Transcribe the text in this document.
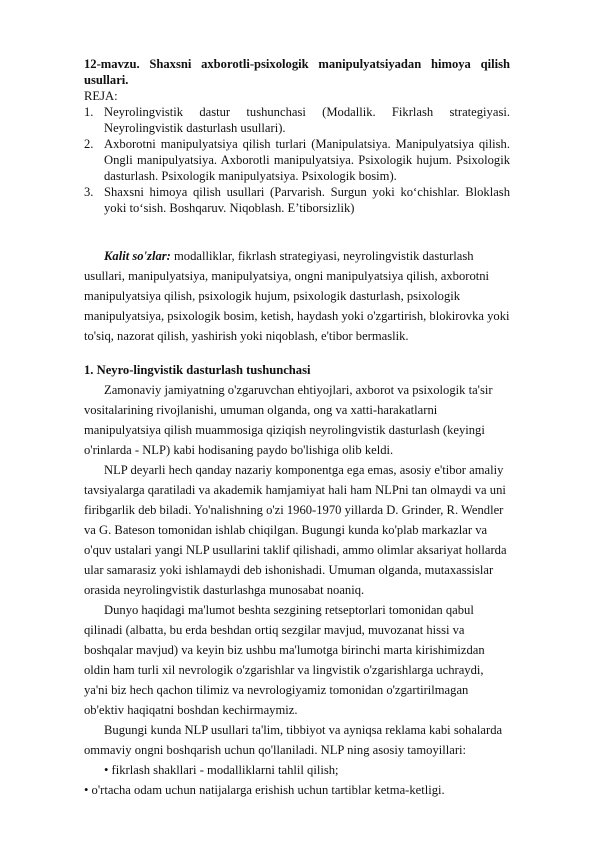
12-mavzu. Shaxsni axborotli-psixologik manipulyatsiyadan himoya qilish usullari.

REJA:

1. Neyrolingvistik dastur tushunchasi (Modallik. Fikrlash strategiyasi. Neyrolingvistik dasturlash usullari).
2. Axborotni manipulyatsiya qilish turlari (Manipulatsiya. Manipulyatsiya qilish. Ongli manipulyatsiya. Axborotli manipulyatsiya. Psixologik hujum. Psixologik dasturlash. Psixologik manipulyatsiya. Psixologik bosim).
3. Shaxsni himoya qilish usullari (Parvarish. Surgun yoki ko‘chishlar. Bloklash yoki to‘sish. Boshqaruv. Niqoblash. E’tiborsizlik)

Kalit so'zlar: modalliklar, fikrlash strategiyasi, neyrolingvistik dasturlash usullari, manipulyatsiya, manipulyatsiya, ongni manipulyatsiya qilish, axborotni manipulyatsiya qilish, psixologik hujum, psixologik dasturlash, psixologik manipulyatsiya, psixologik bosim, ketish, haydash yoki o'zgartirish, blokirovka yoki to'siq, nazorat qilish, yashirish yoki niqoblash, e'tibor bermaslik.

1. Neyro-lingvistik dasturlash tushunchasi

Zamonaviy jamiyatning o'zgaruvchan ehtiyojlari, axborot va psixologik ta'sir vositalarining rivojlanishi, umuman olganda, ong va xatti-harakatlarni manipulyatsiya qilish muammosiga qiziqish neyrolingvistik dasturlash (keyingi o'rinlarda - NLP) kabi hodisaning paydo bo'lishiga olib keldi.

NLP deyarli hech qanday nazariy komponentga ega emas, asosiy e'tibor amaliy tavsiyalarga qaratiladi va akademik hamjamiyat hali ham NLPni tan olmaydi va uni firibgarlik deb biladi. Yo'nalishning o'zi 1960-1970 yillarda D. Grinder, R. Wendler va G. Bateson tomonidan ishlab chiqilgan. Bugungi kunda ko'plab markazlar va o'quv ustalari yangi NLP usullarini taklif qilishadi, ammo olimlar aksariyat hollarda ular samarasiz yoki ishlamaydi deb ishonishadi. Umuman olganda, mutaxassislar orasida neyrolingvistik dasturlashga munosabat noaniq.

Dunyo haqidagi ma'lumot beshta sezgining retseptorlari tomonidan qabul qilinadi (albatta, bu erda beshdan ortiq sezgilar mavjud, muvozanat hissi va boshqalar mavjud) va keyin biz ushbu ma'lumotga birinchi marta kirishimizdan oldin ham turli xil nevrologik o'zgarishlar va lingvistik o'zgarishlarga uchraydi, ya'ni biz hech qachon tilimiz va nevrologiyamiz tomonidan o'zgartirilmagan ob'ektiv haqiqatni boshdan kechirmaymiz.

Bugungi kunda NLP usullari ta'lim, tibbiyot va ayniqsa reklama kabi sohalarda ommaviy ongni boshqarish uchun qo'llaniladi. NLP ning asosiy tamoyillari:

• fikrlash shakllari - modalliklarni tahlil qilish;

• o'rtacha odam uchun natijalarga erishish uchun tartiblar ketma-ketligi.
